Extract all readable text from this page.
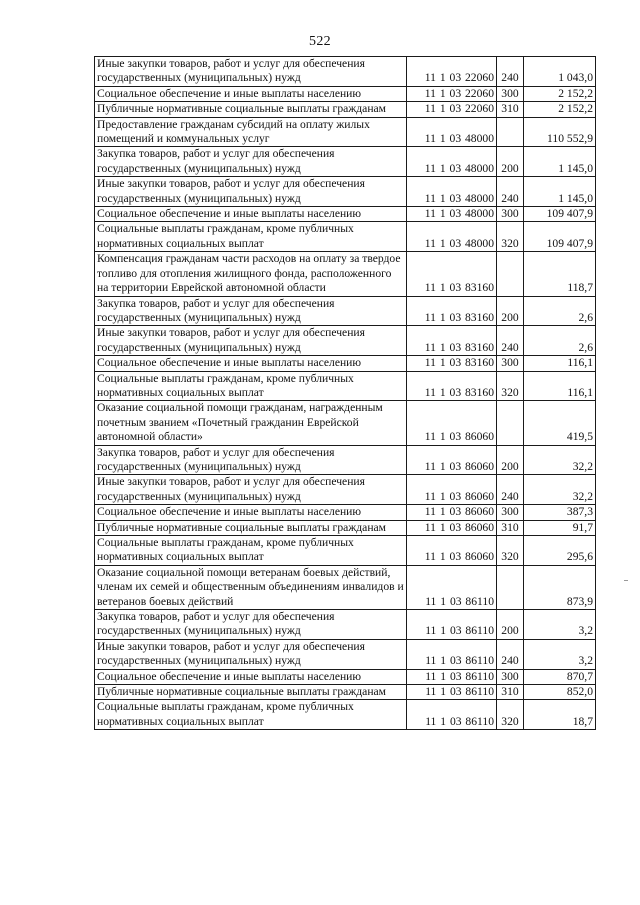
522
Иные закупки товаров, работ и услуг для обеспечения государственных (муниципальных) нужд	11 1 03 22060	240	1 043,0
Социальное обеспечение и иные выплаты населению	11 1 03 22060	300	2 152,2
Публичные нормативные социальные выплаты гражданам	11 1 03 22060	310	2 152,2
Предоставление гражданам субсидий на оплату жилых помещений и коммунальных услуг	11 1 03 48000		110 552,9
Закупка товаров, работ и услуг для обеспечения государственных (муниципальных) нужд	11 1 03 48000	200	1 145,0
Иные закупки товаров, работ и услуг для обеспечения государственных (муниципальных) нужд	11 1 03 48000	240	1 145,0
Социальное обеспечение и иные выплаты населению	11 1 03 48000	300	109 407,9
Социальные выплаты гражданам, кроме публичных нормативных социальных выплат	11 1 03 48000	320	109 407,9
Компенсация гражданам части расходов на оплату за твердое топливо для отопления жилищного фонда, расположенного на территории Еврейской автономной области	11 1 03 83160		118,7
Закупка товаров, работ и услуг для обеспечения государственных (муниципальных) нужд	11 1 03 83160	200	2,6
Иные закупки товаров, работ и услуг для обеспечения государственных (муниципальных) нужд	11 1 03 83160	240	2,6
Социальное обеспечение и иные выплаты населению	11 1 03 83160	300	116,1
Социальные выплаты гражданам, кроме публичных нормативных социальных выплат	11 1 03 83160	320	116,1
Оказание социальной помощи гражданам, награжденным почетным званием «Почетный гражданин Еврейской автономной области»	11 1 03 86060		419,5
Закупка товаров, работ и услуг для обеспечения государственных (муниципальных) нужд	11 1 03 86060	200	32,2
Иные закупки товаров, работ и услуг для обеспечения государственных (муниципальных) нужд	11 1 03 86060	240	32,2
Социальное обеспечение и иные выплаты населению	11 1 03 86060	300	387,3
Публичные нормативные социальные выплаты гражданам	11 1 03 86060	310	91,7
Социальные выплаты гражданам, кроме публичных нормативных социальных выплат	11 1 03 86060	320	295,6
Оказание социальной помощи ветеранам боевых действий, членам их семей и общественным объединениям инвалидов и ветеранов боевых действий	11 1 03 86110		873,9
Закупка товаров, работ и услуг для обеспечения государственных (муниципальных) нужд	11 1 03 86110	200	3,2
Иные закупки товаров, работ и услуг для обеспечения государственных (муниципальных) нужд	11 1 03 86110	240	3,2
Социальное обеспечение и иные выплаты населению	11 1 03 86110	300	870,7
Публичные нормативные социальные выплаты гражданам	11 1 03 86110	310	852,0
Социальные выплаты гражданам, кроме публичных нормативных социальных выплат	11 1 03 86110	320	18,7
